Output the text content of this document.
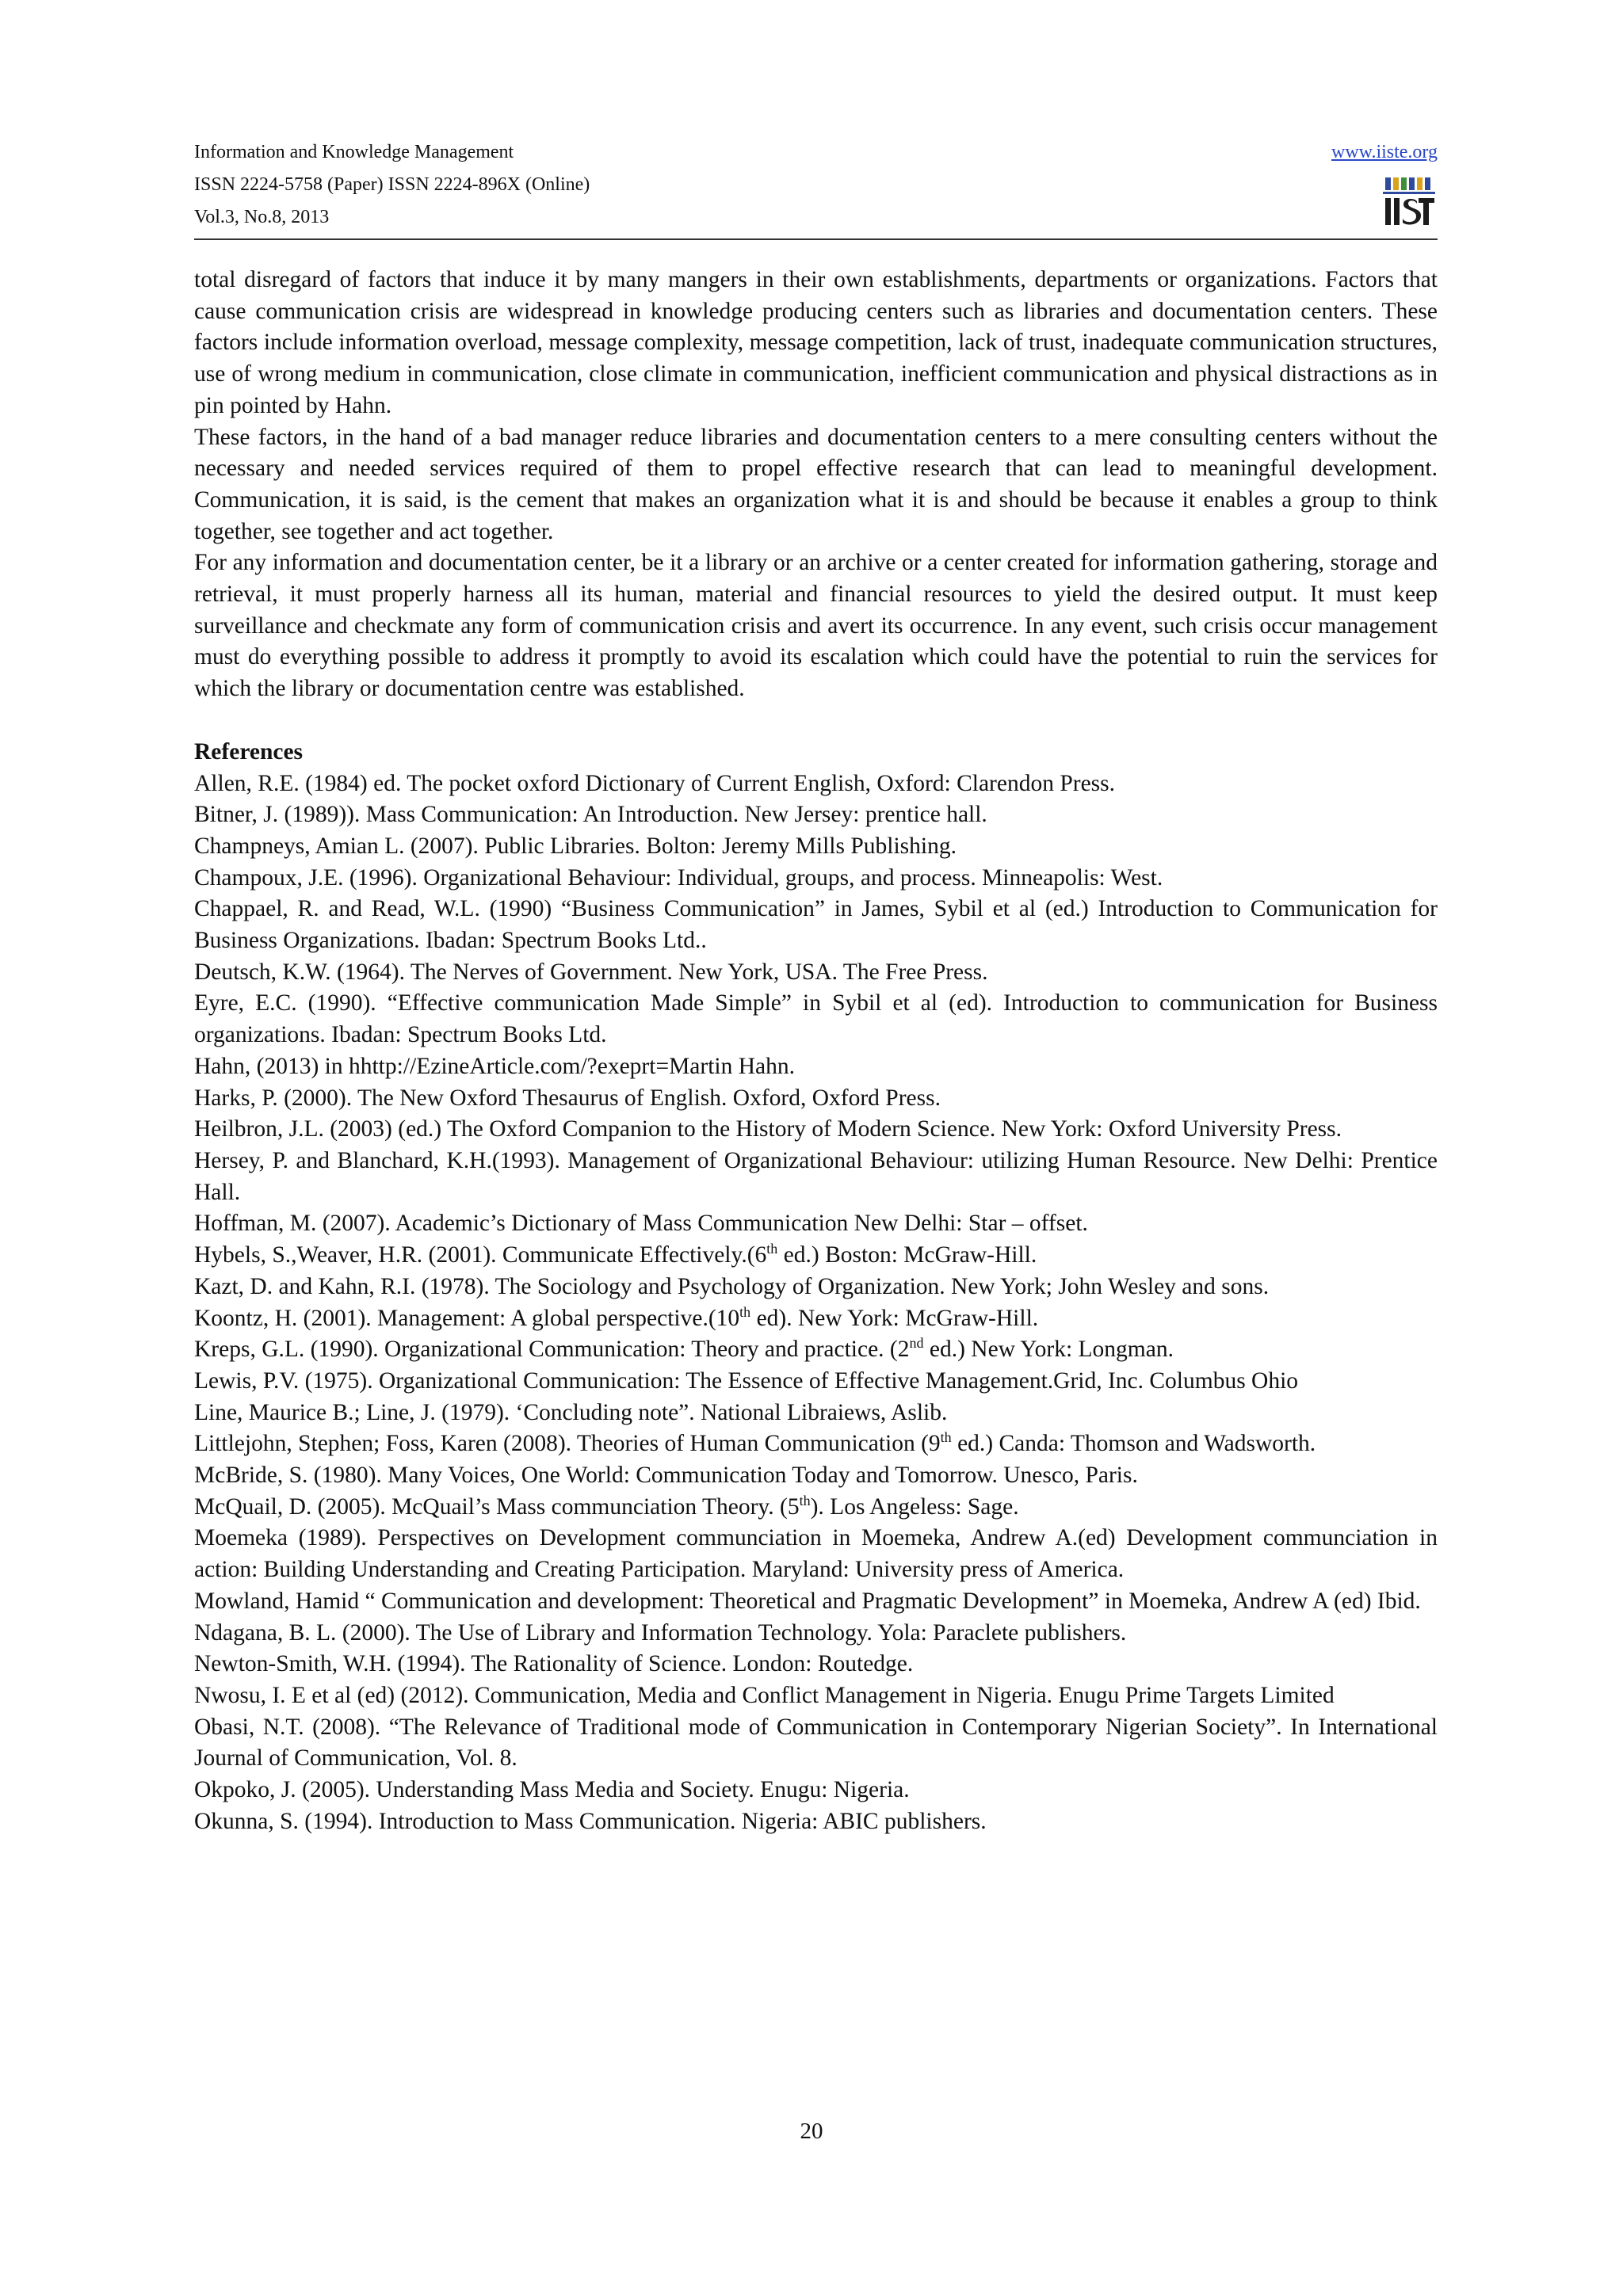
Information and Knowledge Management
ISSN 2224-5758 (Paper) ISSN 2224-896X (Online)
Vol.3, No.8, 2013
www.iiste.org

total disregard of factors that induce it by many mangers in their own establishments, departments or organizations. Factors that cause communication crisis are widespread in knowledge producing centers such as libraries and documentation centers. These factors include information overload, message complexity, message competition, lack of trust, inadequate communication structures, use of wrong medium in communication, close climate in communication, inefficient communication and physical distractions as in pin pointed by Hahn.

These factors, in the hand of a bad manager reduce libraries and documentation centers to a mere consulting centers without the necessary and needed services required of them to propel effective research that can lead to meaningful development. Communication, it is said, is the cement that makes an organization what it is and should be because it enables a group to think together, see together and act together.

For any information and documentation center, be it a library or an archive or a center created for information gathering, storage and retrieval, it must properly harness all its human, material and financial resources to yield the desired output. It must keep surveillance and checkmate any form of communication crisis and avert its occurrence. In any event, such crisis occur management must do everything possible to address it promptly to avoid its escalation which could have the potential to ruin the services for which the library or documentation centre was established.

References

Allen, R.E. (1984) ed. The pocket oxford Dictionary of Current English, Oxford: Clarendon Press.

Bitner, J. (1989)). Mass Communication: An Introduction. New Jersey: prentice hall.

Champneys, Amian L. (2007). Public Libraries. Bolton: Jeremy Mills Publishing.

Champoux, J.E. (1996). Organizational Behaviour: Individual, groups, and process. Minneapolis: West.

Chappael, R. and Read, W.L. (1990) “Business Communication” in James, Sybil et al (ed.) Introduction to Communication for Business Organizations. Ibadan: Spectrum Books Ltd..

Deutsch, K.W. (1964). The Nerves of Government. New York, USA. The Free Press.

Eyre, E.C. (1990). “Effective communication Made Simple” in Sybil et al (ed). Introduction to communication for Business organizations. Ibadan: Spectrum Books Ltd.

Hahn, (2013) in hhttp://EzineArticle.com/?exeprt=Martin Hahn.

Harks, P. (2000). The New Oxford Thesaurus of English. Oxford, Oxford Press.

Heilbron, J.L. (2003) (ed.) The Oxford Companion to the History of Modern Science. New York: Oxford University Press.

Hersey, P. and Blanchard, K.H.(1993). Management of Organizational Behaviour: utilizing Human Resource. New Delhi: Prentice Hall.

Hoffman, M. (2007). Academic’s Dictionary of Mass Communication New Delhi: Star – offset.

Hybels, S.,Weaver, H.R. (2001). Communicate Effectively.(6th ed.) Boston: McGraw-Hill.

Kazt, D. and Kahn, R.I. (1978). The Sociology and Psychology of Organization. New York; John Wesley and sons.

Koontz, H. (2001). Management: A global perspective.(10th ed). New York: McGraw-Hill.

Kreps, G.L. (1990). Organizational Communication: Theory and practice. (2nd ed.) New York: Longman.

Lewis, P.V. (1975). Organizational Communication: The Essence of Effective Management.Grid, Inc. Columbus Ohio

Line, Maurice B.; Line, J. (1979). ‘Concluding note”. National Libraiews, Aslib.

Littlejohn, Stephen; Foss, Karen (2008). Theories of Human Communication (9th ed.) Canda: Thomson and Wadsworth.

McBride, S. (1980). Many Voices, One World: Communication Today and Tomorrow. Unesco, Paris.

McQuail, D. (2005). McQuail’s Mass communciation Theory. (5th). Los Angeless: Sage.

Moemeka (1989). Perspectives on Development communciation in Moemeka, Andrew A.(ed) Development communciation in action: Building Understanding and Creating Participation. Maryland: University press of America.

Mowland, Hamid “ Communication and development: Theoretical and Pragmatic Development” in Moemeka, Andrew A (ed) Ibid.

Ndagana, B. L. (2000). The Use of Library and Information Technology. Yola: Paraclete publishers.

Newton-Smith, W.H. (1994). The Rationality of Science. London: Routedge.

Nwosu, I. E et al (ed) (2012). Communication, Media and Conflict Management in Nigeria. Enugu Prime Targets Limited

Obasi, N.T. (2008). “The Relevance of Traditional mode of Communication in Contemporary Nigerian Society”. In International Journal of Communication, Vol. 8.

Okpoko, J. (2005). Understanding Mass Media and Society. Enugu: Nigeria.

Okunna, S. (1994). Introduction to Mass Communication. Nigeria: ABIC publishers.

20
